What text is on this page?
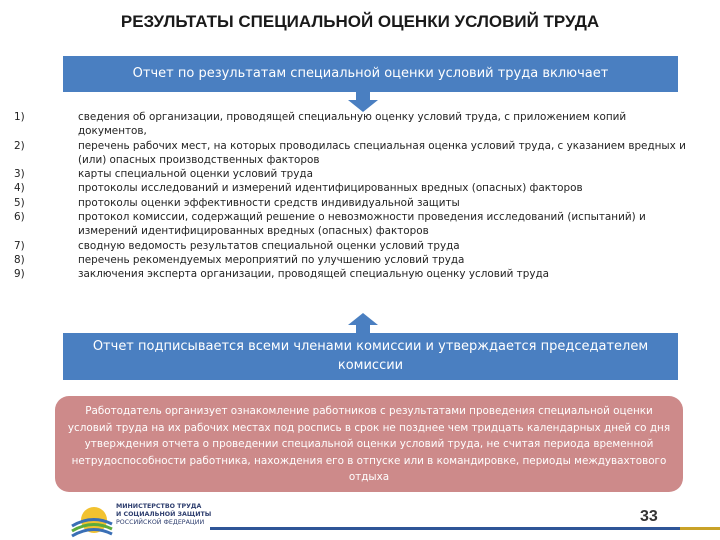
РЕЗУЛЬТАТЫ СПЕЦИАЛЬНОЙ ОЦЕНКИ УСЛОВИЙ ТРУДА
Отчет по результатам специальной оценки условий труда включает
1)	сведения об организации, проводящей специальную оценку условий труда, с приложением копий документов,
2)	перечень рабочих мест, на которых проводилась специальная оценка условий труда, с указанием вредных и (или) опасных производственных факторов
3)	карты специальной оценки условий труда
4)	протоколы исследований и измерений идентифицированных вредных (опасных) факторов
5)	протоколы оценки эффективности средств индивидуальной защиты
6)	протокол комиссии, содержащий решение о невозможности проведения исследований (испытаний) и измерений идентифицированных вредных (опасных) факторов
7)	сводную ведомость результатов специальной оценки условий труда
8)	перечень рекомендуемых мероприятий по улучшению условий труда
9)	заключения эксперта организации, проводящей специальную оценку условий труда
Отчет подписывается всеми членами комиссии и утверждается председателем комиссии
Работодатель организует ознакомление работников с результатами проведения специальной оценки условий труда на их рабочих местах под роспись в срок не позднее чем тридцать календарных дней со дня утверждения отчета о проведении специальной оценки условий труда, не считая периода временной нетрудоспособности работника, нахождения его в отпуске или в командировке, периоды междувахтового отдыха
МИНИСТЕРСТВО ТРУДА
И СОЦИАЛЬНОЙ ЗАЩИТЫ
РОССИЙСКОЙ ФЕДЕРАЦИИ	33
